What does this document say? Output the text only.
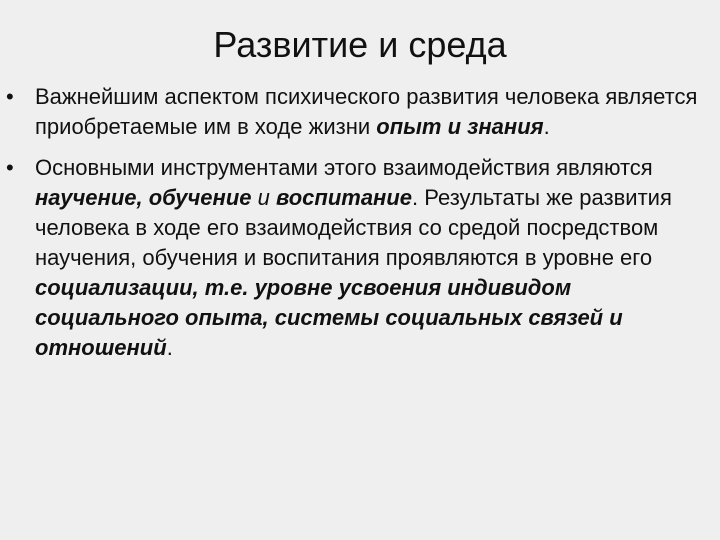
Развитие и среда
• Важнейшим аспектом психического развития человека является приобретаемые им в ходе жизни опыт и знания.
• Основными инструментами этого взаимодействия являются научение, обучение и воспитание. Результаты же развития человека в ходе его взаимодействия со средой посредством научения, обучения и воспитания проявляются в уровне его социализации, т.е. уровне усвоения индивидом социального опыта, системы социальных связей и отношений.
